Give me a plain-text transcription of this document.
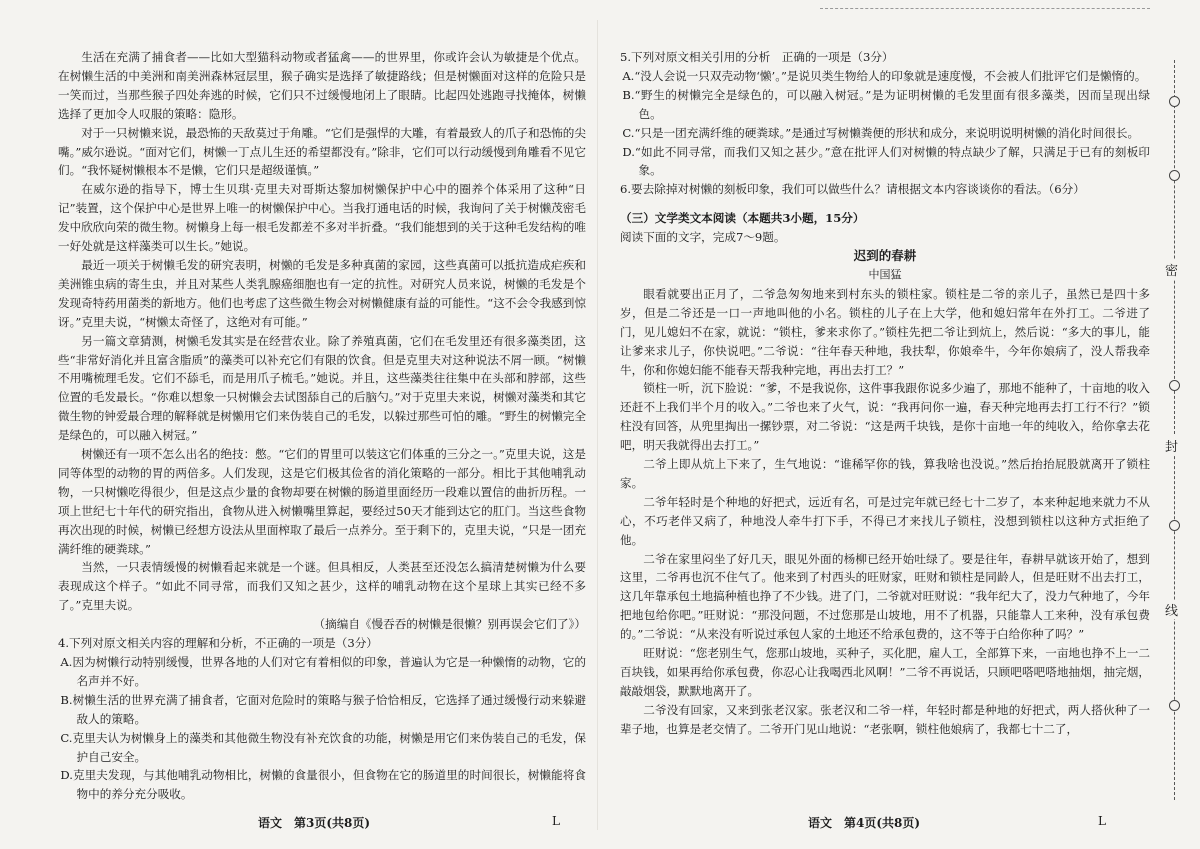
生活在充满了捕食者——比如大型猫科动物或者猛禽——的世界里，你或许会认为敏捷是个优点。在树懒生活的中美洲和南美洲森林冠层里，猴子确实是选择了敏捷路线；但是树懒面对这样的危险只是一笑而过，当那些猴子四处奔逃的时候，它们只不过缓慢地闭上了眼睛。比起四处逃跑寻找掩体，树懒选择了更加令人叹服的策略：隐形。

对于一只树懒来说，最恐怖的天敌莫过于角雕。“它们是强悍的大雕，有着最致人的爪子和恐怖的尖嘴。”威尔逊说。“面对它们，树懒一丁点儿生还的希望都没有。”除非，它们可以行动缓慢到角雕看不见它们。“我怀疑树懒根本不是懒，它们只是超级谨慎。”

在威尔逊的指导下，博士生贝琪·克里夫对哥斯达黎加树懒保护中心中的圈养个体采用了这种“日记”装置，这个保护中心是世界上唯一的树懒保护中心。当我打通电话的时候，我询问了关于树懒茂密毛发中欣欣向荣的微生物。树懒身上每一根毛发都差不多对半折叠。“我们能想到的关于这种毛发结构的唯一好处就是这样藻类可以生长。”她说。

最近一项关于树懒毛发的研究表明，树懒的毛发是多种真菌的家园，这些真菌可以抵抗造成疟疾和美洲锥虫病的寄生虫，并且对某些人类乳腺癌细胞也有一定的抗性。对研究人员来说，树懒的毛发是个发现奇特药用菌类的新地方。他们也考虑了这些微生物会对树懒健康有益的可能性。“这不会令我感到惊讶。”克里夫说，“树懒太奇怪了，这绝对有可能。”

另一篇文章猜测，树懒毛发其实是在经营农业。除了养殖真菌，它们在毛发里还有很多藻类团，这些“非常好消化并且富含脂质”的藻类可以补充它们有限的饮食。但是克里夫对这种说法不屑一顾。“树懒不用嘴梳理毛发。它们不舔毛，而是用爪子梳毛。”她说。并且，这些藻类往往集中在头部和脖部，这些位置的毛发最长。“你难以想象一只树懒会去试图舔自己的后脑勺。”对于克里夫来说，树懒对藻类和其它微生物的钟爱最合理的解释就是树懒用它们来伪装自己的毛发，以躲过那些可怕的雕。“野生的树懒完全是绿色的，可以融入树冠。”

树懒还有一项不怎么出名的绝技：憋。“它们的胃里可以装这它们体重的三分之一。”克里夫说，这是同等体型的动物的胃的两倍多。人们发现，这是它们极其俭省的消化策略的一部分。相比于其他哺乳动物，一只树懒吃得很少，但是这点少量的食物却要在树懒的肠道里面经历一段难以置信的曲折历程。一项上世纪七十年代的研究指出，食物从进入树懒嘴里算起，要经过50天才能到达它的肛门。当这些食物再次出现的时候，树懒已经想方设法从里面榨取了最后一点养分。至于剩下的，克里夫说，“只是一团充满纤维的硬粪球。”

当然，一只表情缓慢的树懒看起来就是一个谜。但具相反，人类甚至还没怎么搞清楚树懒为什么要表现成这个样子。“如此不同寻常，而我们又知之甚少，这样的哺乳动物在这个星球上其实已经不多了。”克里夫说。

（摘编自《慢吞吞的树懒是很懒？别再误会它们了》）

4.下列对原文相关内容的理解和分析，不正确的一项是（3分）

A.因为树懒行动特别缓慢，世界各地的人们对它有着相似的印象，普遍认为它是一种懒惰的动物，它的名声并不好。

B.树懒生活的世界充满了捕食者，它面对危险时的策略与猴子恰恰相反，它选择了通过缓慢行动来躲避敌人的策略。

C.克里夫认为树懒身上的藻类和其他微生物没有补充饮食的功能，树懒是用它们来伪装自己的毛发，保护自己安全。

D.克里夫发现，与其他哺乳动物相比，树懒的食量很小，但食物在它的肠道里的时间很长，树懒能将食物中的养分充分吸收。

语文　第3页(共8页)	L

5.下列对原文相关引用的分析　正确的一项是（3分）

A.“没人会说一只双壳动物‘懒’。”是说贝类生物给人的印象就是速度慢，不会被人们批评它们是懒惰的。

B.“野生的树懒完全是绿色的，可以融入树冠。”是为证明树懒的毛发里面有很多藻类，因而呈现出绿色。

C.“只是一团充满纤维的硬粪球。”是通过写树懒粪便的形状和成分，来说明说明树懒的消化时间很长。

D.“如此不同寻常，而我们又知之甚少。”意在批评人们对树懒的特点缺少了解，只满足于已有的刻板印象。

6.要去除掉对树懒的刻板印象，我们可以做些什么？请根据文本内容谈谈你的看法。（6分）

（三）文学类文本阅读（本题共3小题，15分）

阅读下面的文字，完成7～9题。

迟到的春耕

中国猛

眼看就要出正月了，二爷急匆匆地来到村东头的锁柱家。锁柱是二爷的亲儿子，虽然已是四十多岁，但是二爷还是一口一声地叫他的小名。锁柱的儿子在上大学，他和媳妇常年在外打工。二爷进了门，见儿媳妇不在家，就说：“锁柱，爹来求你了。”锁柱先把二爷让到炕上，然后说：“多大的事儿，能让爹来求儿子，你快说吧。”二爷说：“往年春天种地，我扶犁，你娘牵牛，今年你娘病了，没人帮我牵牛，你和你媳妇能不能春天帮我种完地，再出去打工？”

锁柱一听，沉下脸说：“爹，不是我说你，这件事我跟你说多少遍了，那地不能种了，十亩地的收入还赶不上我们半个月的收入。”二爷也来了火气，说：“我再问你一遍，春天种完地再去打工行不行？”锁柱没有回答，从兜里掏出一摞钞票，对二爷说：“这是两千块钱，是你十亩地一年的纯收入，给你拿去花吧，明天我就得出去打工。”

二爷上即从炕上下来了，生气地说：“谁稀罕你的钱，算我啥也没说。”然后抬抬屁股就离开了锁柱家。

二爷年轻时是个种地的好把式，远近有名，可是过完年就已经七十二岁了，本来种起地来就力不从心，不巧老伴又病了，种地没人牵牛打下手，不得已才来找儿子锁柱，没想到锁柱以这种方式拒绝了他。

二爷在家里闷坐了好几天，眼见外面的杨柳已经开始吐绿了。要是往年，春耕早就该开始了，想到这里，二爷再也沉不住气了。他来到了村西头的旺财家，旺财和锁柱是同龄人，但是旺财不出去打工，这几年靠承包土地搞种植也挣了不少钱。进了门，二爷就对旺财说：“我年纪大了，没力气种地了，今年把地包给你吧。”旺财说：“那没问题，不过您那是山坡地，用不了机器，只能靠人工来种，没有承包费的。”二爷说：“从来没有听说过承包人家的土地还不给承包费的，这不等于白给你种了吗？”

旺财说：“您老别生气，您那山坡地，买种子，买化肥，雇人工，全部算下来，一亩地也挣不上一二百块钱，如果再给你承包费，你忍心让我喝西北风啊！”二爷不再说话，只顾吧嗒吧嗒地抽烟，抽完烟，敲敲烟袋，默默地离开了。

二爷没有回家，又来到张老汉家。张老汉和二爷一样，年轻时都是种地的好把式，两人搭伙种了一辈子地，也算是老交情了。二爷开门见山地说：“老张啊，锁柱他娘病了，我都七十二了，

语文　第4页(共8页)	L
密
封
线
